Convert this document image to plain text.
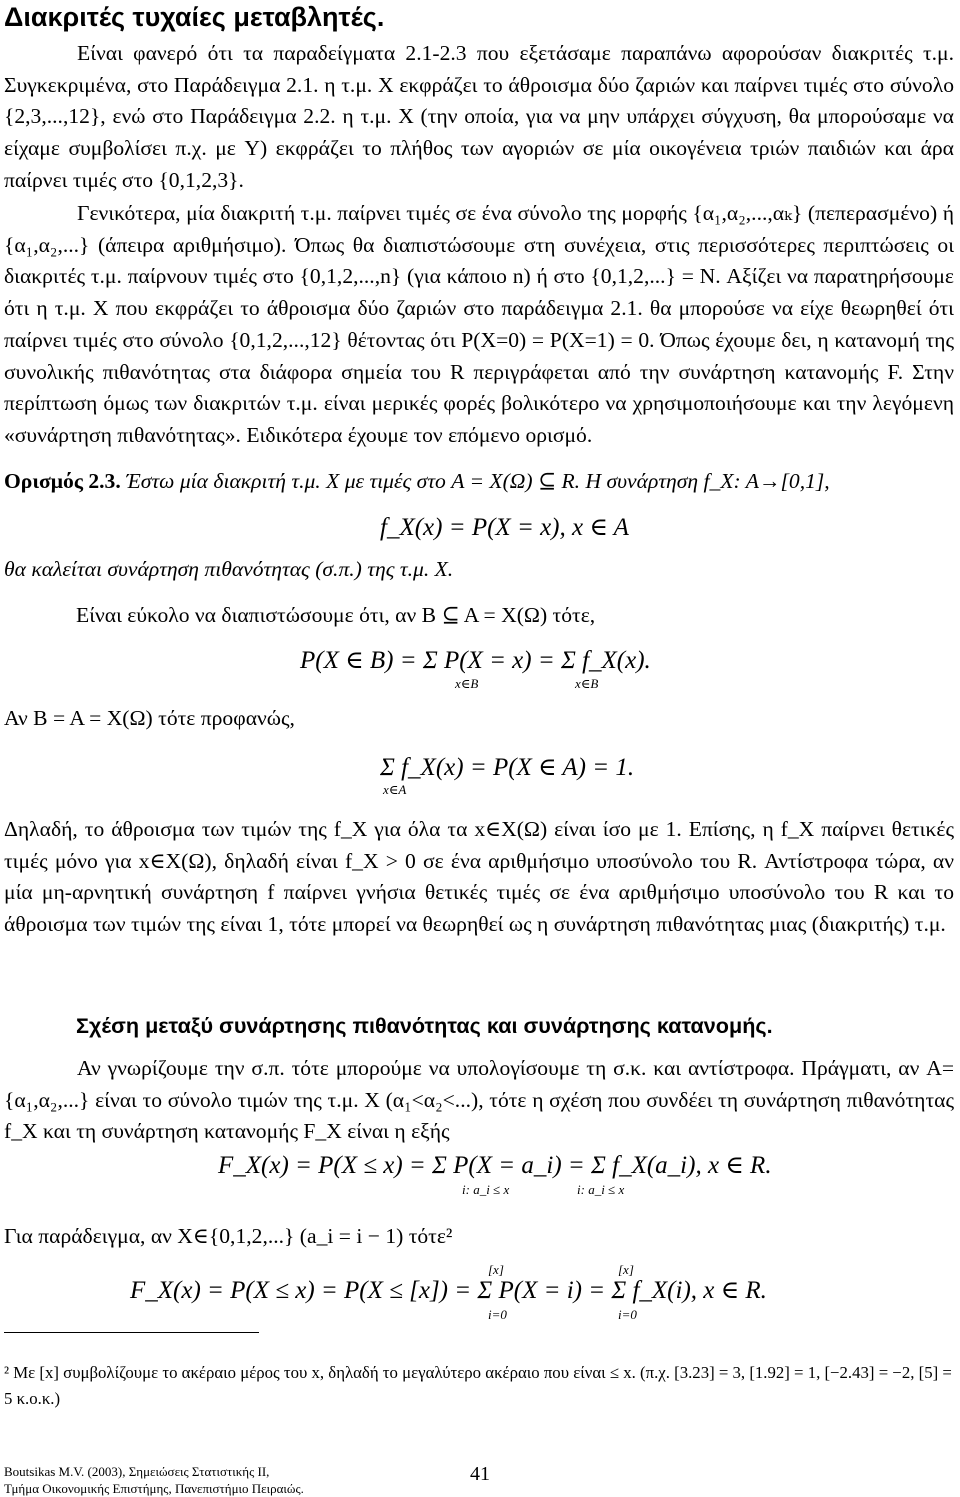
Διακριτές τυχαίες μεταβλητές.
Είναι φανερό ότι τα παραδείγματα 2.1-2.3 που εξετάσαμε παραπάνω αφορούσαν διακριτές τ.μ. Συγκεκριμένα, στο Παράδειγμα 2.1. η τ.μ. X εκφράζει το άθροισμα δύο ζαριών και παίρνει τιμές στο σύνολο {2,3,...,12}, ενώ στο Παράδειγμα 2.2. η τ.μ. X (την οποία, για να μην υπάρχει σύγχυση, θα μπορούσαμε να είχαμε συμβολίσει π.χ. με Y) εκφράζει το πλήθος των αγοριών σε μία οικογένεια τριών παιδιών και άρα παίρνει τιμές στο {0,1,2,3}.
Γενικότερα, μία διακριτή τ.μ. παίρνει τιμές σε ένα σύνολο της μορφής {α₁,α₂,...,αₖ} (πεπερασμένο) ή {α₁,α₂,...} (άπειρα αριθμήσιμο). Όπως θα διαπιστώσουμε στη συνέχεια, στις περισσότερες περιπτώσεις οι διακριτές τ.μ. παίρνουν τιμές στο {0,1,2,...,n} (για κάποιο n) ή στο {0,1,2,...} = N. Αξίζει να παρατηρήσουμε ότι η τ.μ. X που εκφράζει το άθροισμα δύο ζαριών στο παράδειγμα 2.1. θα μπορούσε να είχε θεωρηθεί ότι παίρνει τιμές στο σύνολο {0,1,2,...,12} θέτοντας ότι P(X=0) = P(X=1) = 0. Όπως έχουμε δει, η κατανομή της συνολικής πιθανότητας στα διάφορα σημεία του R περιγράφεται από την συνάρτηση κατανομής F. Στην περίπτωση όμως των διακριτών τ.μ. είναι μερικές φορές βολικότερο να χρησιμοποιήσουμε και την λεγόμενη «συνάρτηση πιθανότητας». Ειδικότερα έχουμε τον επόμενο ορισμό.
Ορισμός 2.3. Έστω μία διακριτή τ.μ. X με τιμές στο A = X(Ω) ⊆ R. Η συνάρτηση f_X: A→[0,1],
f_X(x) = P(X = x), x ∈ A
θα καλείται συνάρτηση πιθανότητας (σ.π.) της τ.μ. X.
Είναι εύκολο να διαπιστώσουμε ότι, αν B ⊆ A = X(Ω) τότε,
P(X ∈ B) = Σ P(X = x) = Σ f_X(x).
x∈B	x∈B
Αν B = A = X(Ω) τότε προφανώς,
Σ f_X(x) = P(X ∈ A) = 1.
x∈A
Δηλαδή, το άθροισμα των τιμών της f_X για όλα τα x∈X(Ω) είναι ίσο με 1. Επίσης, η f_X παίρνει θετικές τιμές μόνο για x∈X(Ω), δηλαδή είναι f_X > 0 σε ένα αριθμήσιμο υποσύνολο του R. Αντίστροφα τώρα, αν μία μη-αρνητική συνάρτηση f παίρνει γνήσια θετικές τιμές σε ένα αριθμήσιμο υποσύνολο του R και το άθροισμα των τιμών της είναι 1, τότε μπορεί να θεωρηθεί ως η συνάρτηση πιθανότητας μιας (διακριτής) τ.μ.
Σχέση μεταξύ συνάρτησης πιθανότητας και συνάρτησης κατανομής.
Αν γνωρίζουμε την σ.π. τότε μπορούμε να υπολογίσουμε τη σ.κ. και αντίστροφα. Πράγματι, αν A={α₁,α₂,...} είναι το σύνολο τιμών της τ.μ. X (α₁<α₂<...), τότε η σχέση που συνδέει τη συνάρτηση πιθανότητας f_X και τη συνάρτηση κατανομής F_X είναι η εξής
F_X(x) = P(X ≤ x) = Σ P(X = a_i) = Σ f_X(a_i), x ∈ R.
i: a_i ≤ x	i: a_i ≤ x
Για παράδειγμα, αν X∈{0,1,2,...} (a_i = i − 1) τότε²
F_X(x) = P(X ≤ x) = P(X ≤ [x]) = Σ P(X = i) = Σ f_X(i), x ∈ R.
[x]	[x]
i=0	i=0
² Με [x] συμβολίζουμε το ακέραιο μέρος του x, δηλαδή το μεγαλύτερο ακέραιο που είναι ≤ x. (π.χ. [3.23] = 3, [1.92] = 1, [−2.43] = −2, [5] = 5 κ.ο.κ.)
Boutsikas M.V. (2003), Σημειώσεις Στατιστικής ΙΙ,
Τμήμα Οικονομικής Επιστήμης, Πανεπιστήμιο Πειραιώς.
41
